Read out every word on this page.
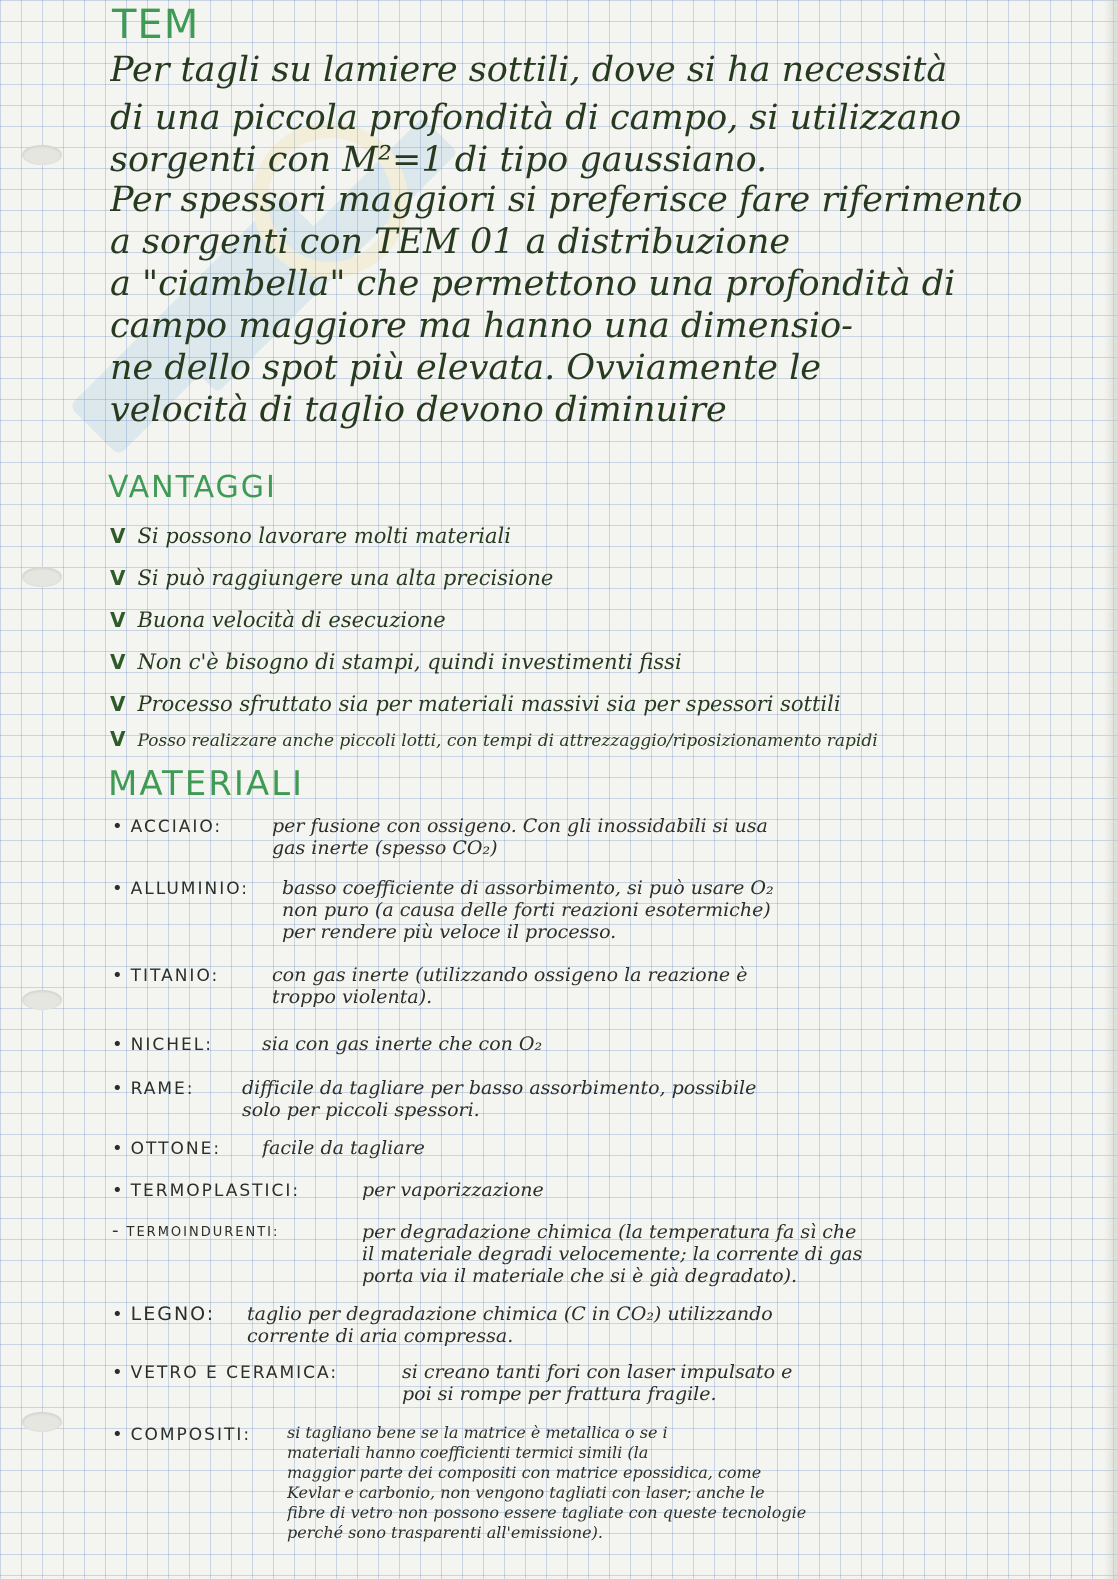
TEM
Per tagli su lamiere sottili, dove si ha necessità
di una piccola profondità di campo, si utilizzano
sorgenti con M²=1 di tipo gaussiano.
Per spessori maggiori si preferisce fare riferimento
a sorgenti con TEM 01 a distribuzione
a "ciambella" che permettono una profondità di
campo maggiore ma hanno una dimensio-
ne dello spot più elevata. Ovviamente le
velocità di taglio devono diminuire
VANTAGGI
V Si possono lavorare molti materiali
V Si può raggiungere una alta precisione
V Buona velocità di esecuzione
V Non c'è bisogno di stampi, quindi investimenti fissi
V Processo sfruttato sia per materiali massivi sia per spessori sottili
V Posso realizzare anche piccoli lotti, con tempi di attrezzaggio/riposizionamento rapidi
MATERIALI
• ACCIAIO:	per fusione con ossigeno. Con gli inossidabili si usa
gas inerte (spesso CO₂)
• ALLUMINIO: basso coefficiente di assorbimento, si può usare O₂
non puro (a causa delle forti reazioni esotermiche)
per rendere più veloce il processo.
• TITANIO:	con gas inerte (utilizzando ossigeno la reazione è
troppo violenta).
• NICHEL:	sia con gas inerte che con O₂
• RAME: difficile da tagliare per basso assorbimento, possibile
solo per piccoli spessori.
• OTTONE: facile da tagliare
• TERMOPLASTICI:	per vaporizzazione
- TERMOINDURENTI:	per degradazione chimica (la temperatura fa sì che
il materiale degradi velocemente; la corrente di gas
porta via il materiale che si è già degradato).
• LEGNO: taglio per degradazione chimica (C in CO₂) utilizzando
corrente di aria compressa.
• VETRO E CERAMICA:	si creano tanti fori con laser impulsato e
poi si rompe per frattura fragile.
• COMPOSITI: si tagliano bene se la matrice è metallica o se i
materiali hanno coefficienti termici simili (la
maggior parte dei compositi con matrice epossidica, come
Kevlar e carbonio, non vengono tagliati con laser; anche le
fibre di vetro non possono essere tagliate con queste tecnologie
perché sono trasparenti all'emissione).
